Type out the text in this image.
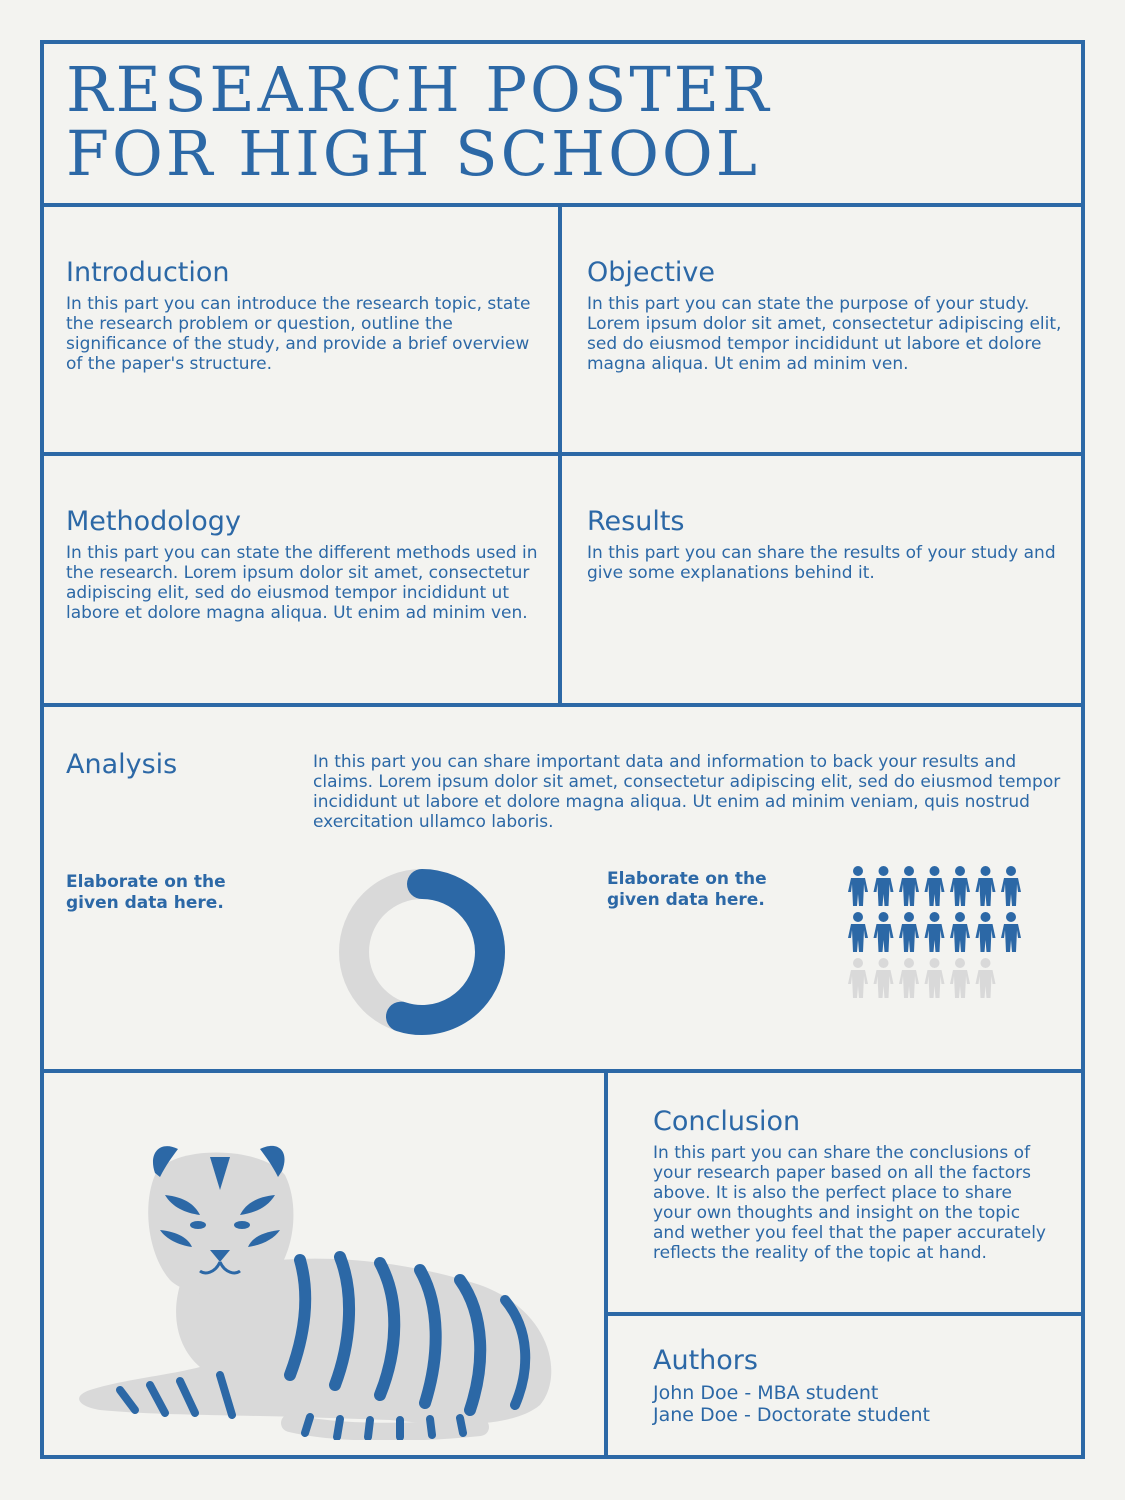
RESEARCH POSTER
FOR HIGH SCHOOL
Introduction

In this part you can introduce the research topic, state the research problem or question, outline the significance of the study, and provide a brief overview of the paper's structure.

Objective

In this part you can state the purpose of your study. Lorem ipsum dolor sit amet, consectetur adipiscing elit, sed do eiusmod tempor incididunt ut labore et dolore magna aliqua. Ut enim ad minim ven.

Methodology

In this part you can state the different methods used in the research. Lorem ipsum dolor sit amet, consectetur adipiscing elit, sed do eiusmod tempor incididunt ut labore et dolore magna aliqua. Ut enim ad minim ven.

Results

In this part you can share the results of your study and give some explanations behind it.

Analysis	In this part you can share important data and information to back your results and claims. Lorem ipsum dolor sit amet, consectetur adipiscing elit, sed do eiusmod tempor incididunt ut labore et dolore magna aliqua. Ut enim ad minim veniam, quis nostrud exercitation ullamco laboris.

Elaborate on the given data here.

Elaborate on the given data here.

Conclusion

In this part you can share the conclusions of your research paper based on all the factors above. It is also the perfect place to share your own thoughts and insight on the topic and wether you feel that the paper accurately reflects the reality of the topic at hand.

Authors

John Doe - MBA student

Jane Doe - Doctorate student
